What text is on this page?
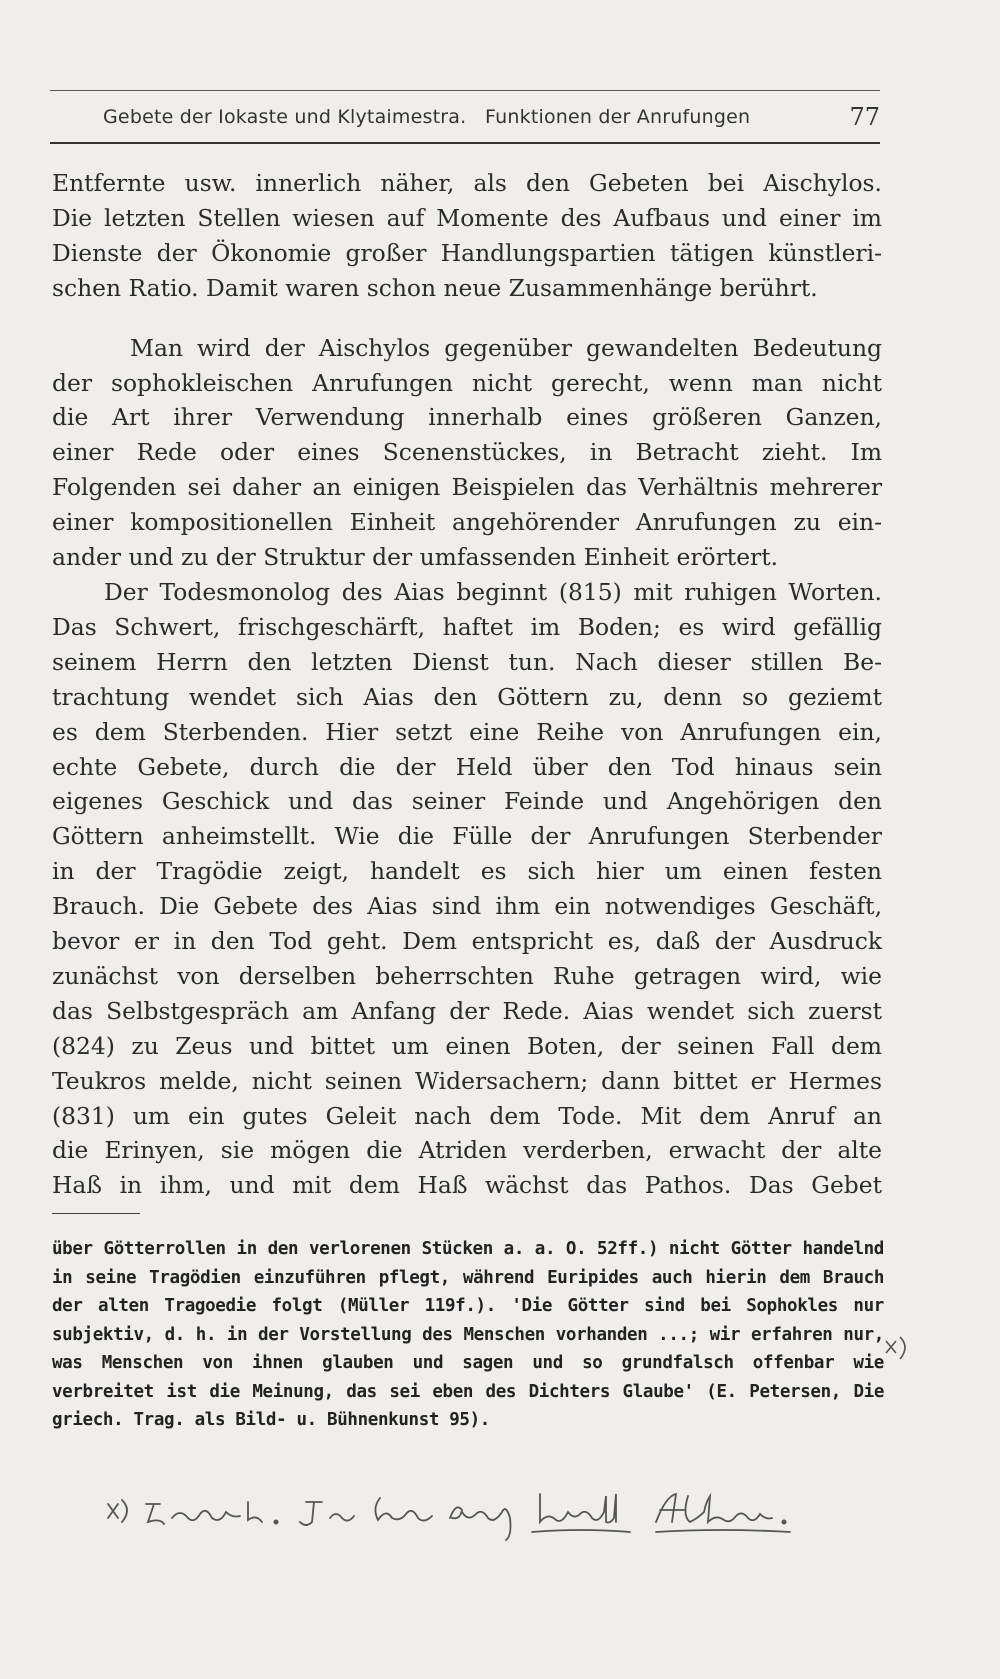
Gebete der Iokaste und Klytaimestra.   Funktionen der Anrufungen	77

Entfernte usw. innerlich näher, als den Gebeten bei Aischylos.

Die letzten Stellen wiesen auf Momente des Aufbaus und einer im

Dienste der Ökonomie großer Handlungspartien tätigen künstleri-

schen Ratio. Damit waren schon neue Zusammenhänge berührt.

Man wird der Aischylos gegenüber gewandelten Bedeutung

der sophokleischen Anrufungen nicht gerecht, wenn man nicht

die Art ihrer Verwendung innerhalb eines größeren Ganzen,

einer Rede oder eines Scenenstückes, in Betracht zieht. Im

Folgenden sei daher an einigen Beispielen das Verhältnis mehrerer

einer kompositionellen Einheit angehörender Anrufungen zu ein-

ander und zu der Struktur der umfassenden Einheit erörtert.

Der Todesmonolog des Aias beginnt (815) mit ruhigen Worten.

Das Schwert, frischgeschärft, haftet im Boden; es wird gefällig

seinem Herrn den letzten Dienst tun. Nach dieser stillen Be-

trachtung wendet sich Aias den Göttern zu, denn so geziemt

es dem Sterbenden. Hier setzt eine Reihe von Anrufungen ein,

echte Gebete, durch die der Held über den Tod hinaus sein

eigenes Geschick und das seiner Feinde und Angehörigen den

Göttern anheimstellt. Wie die Fülle der Anrufungen Sterbender

in der Tragödie zeigt, handelt es sich hier um einen festen

Brauch. Die Gebete des Aias sind ihm ein notwendiges Geschäft,

bevor er in den Tod geht. Dem entspricht es, daß der Ausdruck

zunächst von derselben beherrschten Ruhe getragen wird, wie

das Selbstgespräch am Anfang der Rede. Aias wendet sich zuerst

(824) zu Zeus und bittet um einen Boten, der seinen Fall dem

Teukros melde, nicht seinen Widersachern; dann bittet er Hermes

(831) um ein gutes Geleit nach dem Tode. Mit dem Anruf an

die Erinyen, sie mögen die Atriden verderben, erwacht der alte

Haß in ihm, und mit dem Haß wächst das Pathos. Das Gebet

über Götterrollen in den verlorenen Stücken a. a. O. 52ff.) nicht Götter handelnd

in seine Tragödien einzuführen pflegt, während Euripides auch hierin dem Brauch

der alten Tragoedie folgt (Müller 119f.). 'Die Götter sind bei Sophokles nur

subjektiv, d. h. in der Vorstellung des Menschen vorhanden ...; wir erfahren nur,

was Menschen von ihnen glauben und sagen und so grundfalsch offenbar wie

verbreitet ist die Meinung, das sei eben des Dichters Glaube' (E. Petersen, Die

griech. Trag. als Bild- u. Bühnenkunst 95).
